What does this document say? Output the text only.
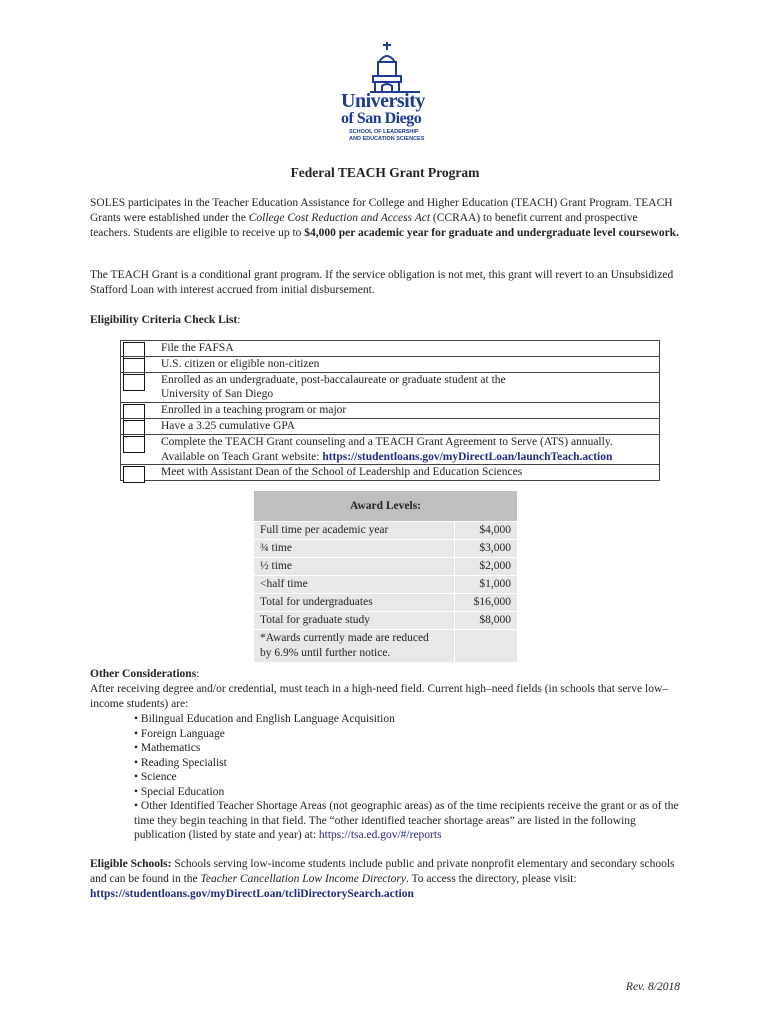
University
of San Diego
SCHOOL OF LEADERSHIP
AND EDUCATION SCIENCES
Federal TEACH Grant Program
SOLES participates in the Teacher Education Assistance for College and Higher Education (TEACH) Grant Program. TEACH Grants were established under the College Cost Reduction and Access Act (CCRAA) to benefit current and prospective teachers. Students are eligible to receive up to $4,000 per academic year for graduate and undergraduate level coursework.
The TEACH Grant is a conditional grant program. If the service obligation is not met, this grant will revert to an Unsubsidized Stafford Loan with interest accrued from initial disbursement.
Eligibility Criteria Check List:
File the FAFSA
U.S. citizen or eligible non-citizen
Enrolled as an undergraduate, post-baccalaureate or graduate student at the
University of San Diego
Enrolled in a teaching program or major
Have a 3.25 cumulative GPA
Complete the TEACH Grant counseling and a TEACH Grant Agreement to Serve (ATS) annually.
Available on Teach Grant website: https://studentloans.gov/myDirectLoan/launchTeach.action
Meet with Assistant Dean of the School of Leadership and Education Sciences
Award Levels:	
Full time per academic year	$4,000
¾ time	$3,000
½ time	$2,000
<half time	$1,000
Total for undergraduates	$16,000
Total for graduate study	$8,000
*Awards currently made are reduced
by 6.9% until further notice.	
Other Considerations:
After receiving degree and/or credential, must teach in a high-need field. Current high–need fields (in schools that serve low–income students) are:
• Bilingual Education and English Language Acquisition
• Foreign Language
• Mathematics
• Reading Specialist
• Science
• Special Education
• Other Identified Teacher Shortage Areas (not geographic areas) as of the time recipients receive the grant or as of the time they begin teaching in that field. The “other identified teacher shortage areas” are listed in the following publication (listed by state and year) at: https://tsa.ed.gov/#/reports
Eligible Schools: Schools serving low-income students include public and private nonprofit elementary and secondary schools and can be found in the Teacher Cancellation Low Income Directory. To access the directory, please visit:
https://studentloans.gov/myDirectLoan/tcliDirectorySearch.action
Rev. 8/2018
